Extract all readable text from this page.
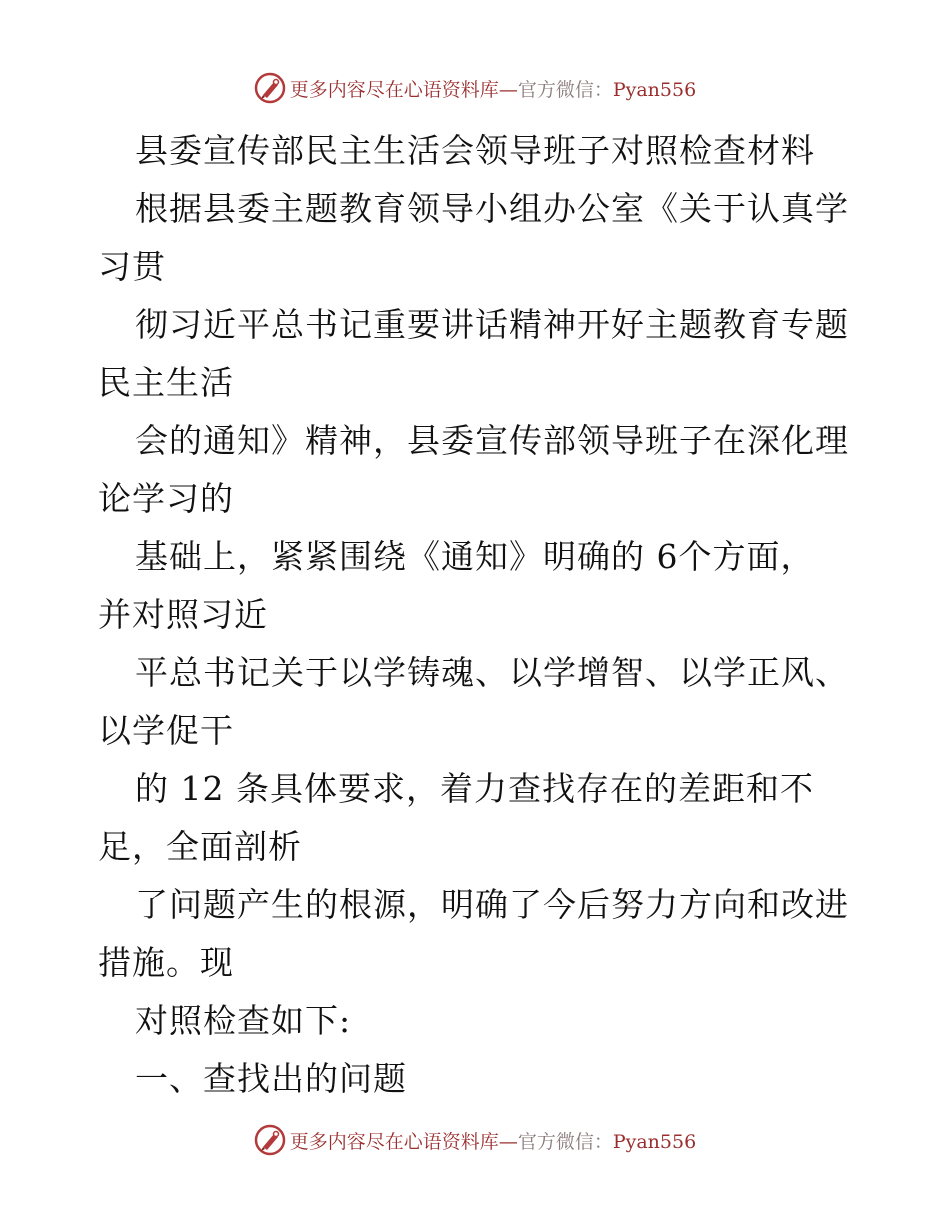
更多内容尽在心语资料库—官方微信：Pyan556
县委宣传部民主生活会领导班子对照检查材料
根据县委主题教育领导小组办公室《关于认真学
习贯
彻习近平总书记重要讲话精神开好主题教育专题
民主生活
会的通知》精神，县委宣传部领导班子在深化理
论学习的
基础上，紧紧围绕《通知》明确的 6个方面，
并对照习近
平总书记关于以学铸魂、以学增智、以学正风、
以学促干
的 12 条具体要求，着力查找存在的差距和不
足，全面剖析
了问题产生的根源，明确了今后努力方向和改进
措施。现
对照检查如下:
一、查找出的问题
更多内容尽在心语资料库—官方微信：Pyan556
